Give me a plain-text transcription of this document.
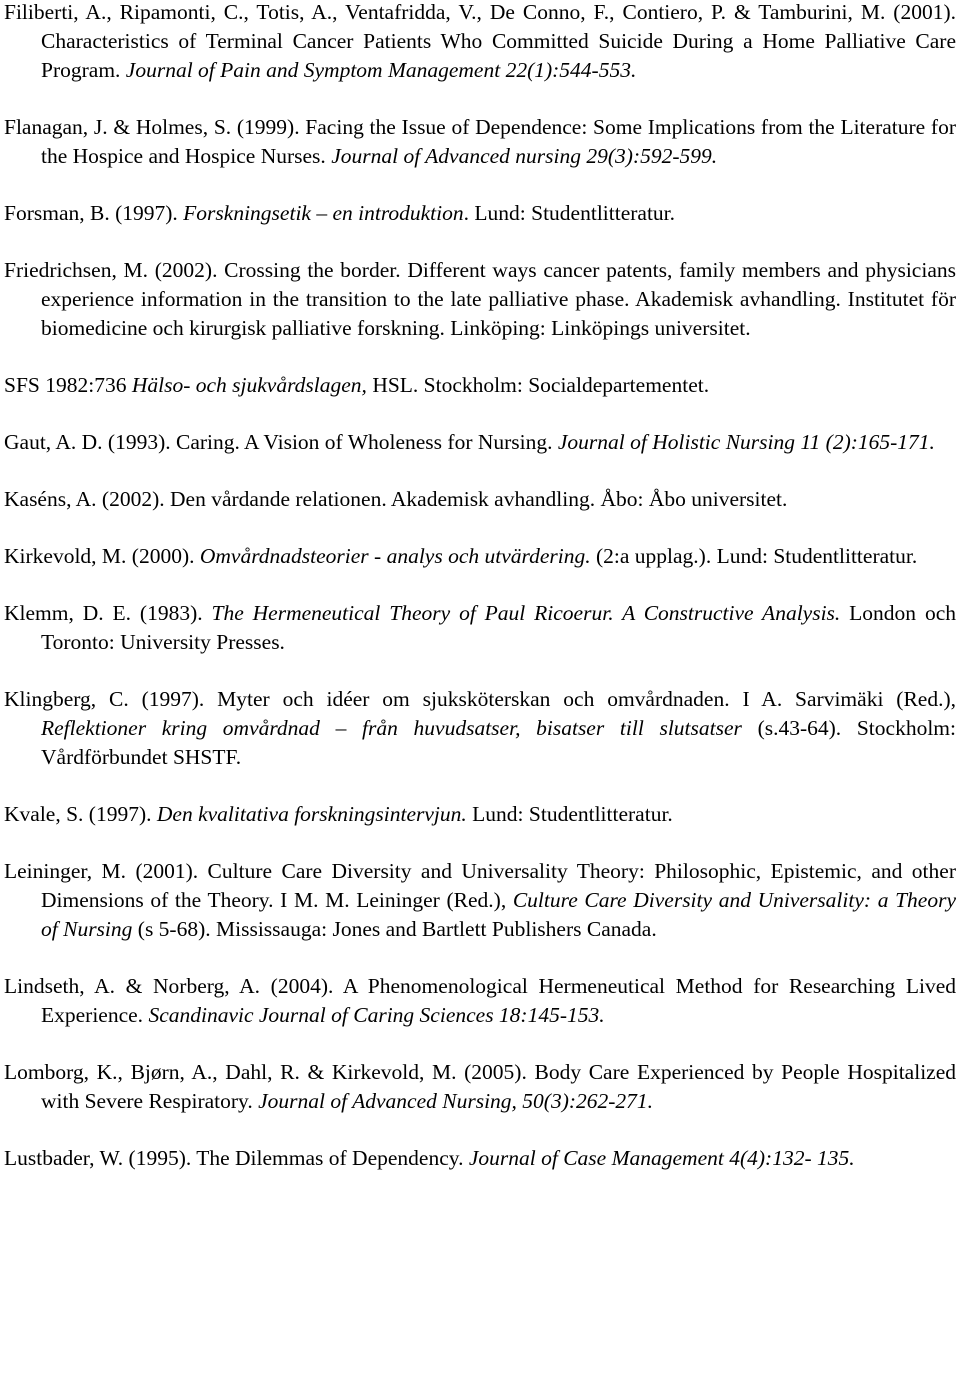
Filiberti, A., Ripamonti, C., Totis, A., Ventafridda, V., De Conno, F., Contiero, P. & Tamburini, M. (2001). Characteristics of Terminal Cancer Patients Who Committed Suicide During a Home Palliative Care Program. Journal of Pain and Symptom Management 22(1):544-553.
Flanagan, J. & Holmes, S. (1999). Facing the Issue of Dependence: Some Implications from the Literature for the Hospice and Hospice Nurses. Journal of Advanced nursing 29(3):592-599.
Forsman, B. (1997). Forskningsetik – en introduktion. Lund: Studentlitteratur.
Friedrichsen, M. (2002). Crossing the border. Different ways cancer patents, family members and physicians experience information in the transition to the late palliative phase. Akademisk avhandling. Institutet för biomedicine och kirurgisk palliative forskning. Linköping: Linköpings universitet.
SFS 1982:736 Hälso- och sjukvårdslagen, HSL. Stockholm: Socialdepartementet.
Gaut, A. D. (1993). Caring. A Vision of Wholeness for Nursing. Journal of Holistic Nursing 11 (2):165-171.
Kaséns, A. (2002). Den vårdande relationen. Akademisk avhandling. Åbo: Åbo universitet.
Kirkevold, M. (2000). Omvårdnadsteorier - analys och utvärdering. (2:a upplag.). Lund: Studentlitteratur.
Klemm, D. E. (1983). The Hermeneutical Theory of Paul Ricoerur. A Constructive Analysis. London och Toronto: University Presses.
Klingberg, C. (1997). Myter och idéer om sjuksköterskan och omvårdnaden. I A. Sarvimäki (Red.), Reflektioner kring omvårdnad – från huvudsatser, bisatser till slutsatser (s.43-64). Stockholm: Vårdförbundet SHSTF.
Kvale, S. (1997). Den kvalitativa forskningsintervjun. Lund: Studentlitteratur.
Leininger, M. (2001). Culture Care Diversity and Universality Theory: Philosophic, Epistemic, and other Dimensions of the Theory. I M. M. Leininger (Red.), Culture Care Diversity and Universality: a Theory of Nursing (s 5-68). Mississauga: Jones and Bartlett Publishers Canada.
Lindseth, A. & Norberg, A. (2004). A Phenomenological Hermeneutical Method for Researching Lived Experience. Scandinavic Journal of Caring Sciences 18:145-153.
Lomborg, K., Bjørn, A., Dahl, R. & Kirkevold, M. (2005). Body Care Experienced by People Hospitalized with Severe Respiratory. Journal of Advanced Nursing, 50(3):262-271.
Lustbader, W. (1995). The Dilemmas of Dependency. Journal of Case Management 4(4):132- 135.
